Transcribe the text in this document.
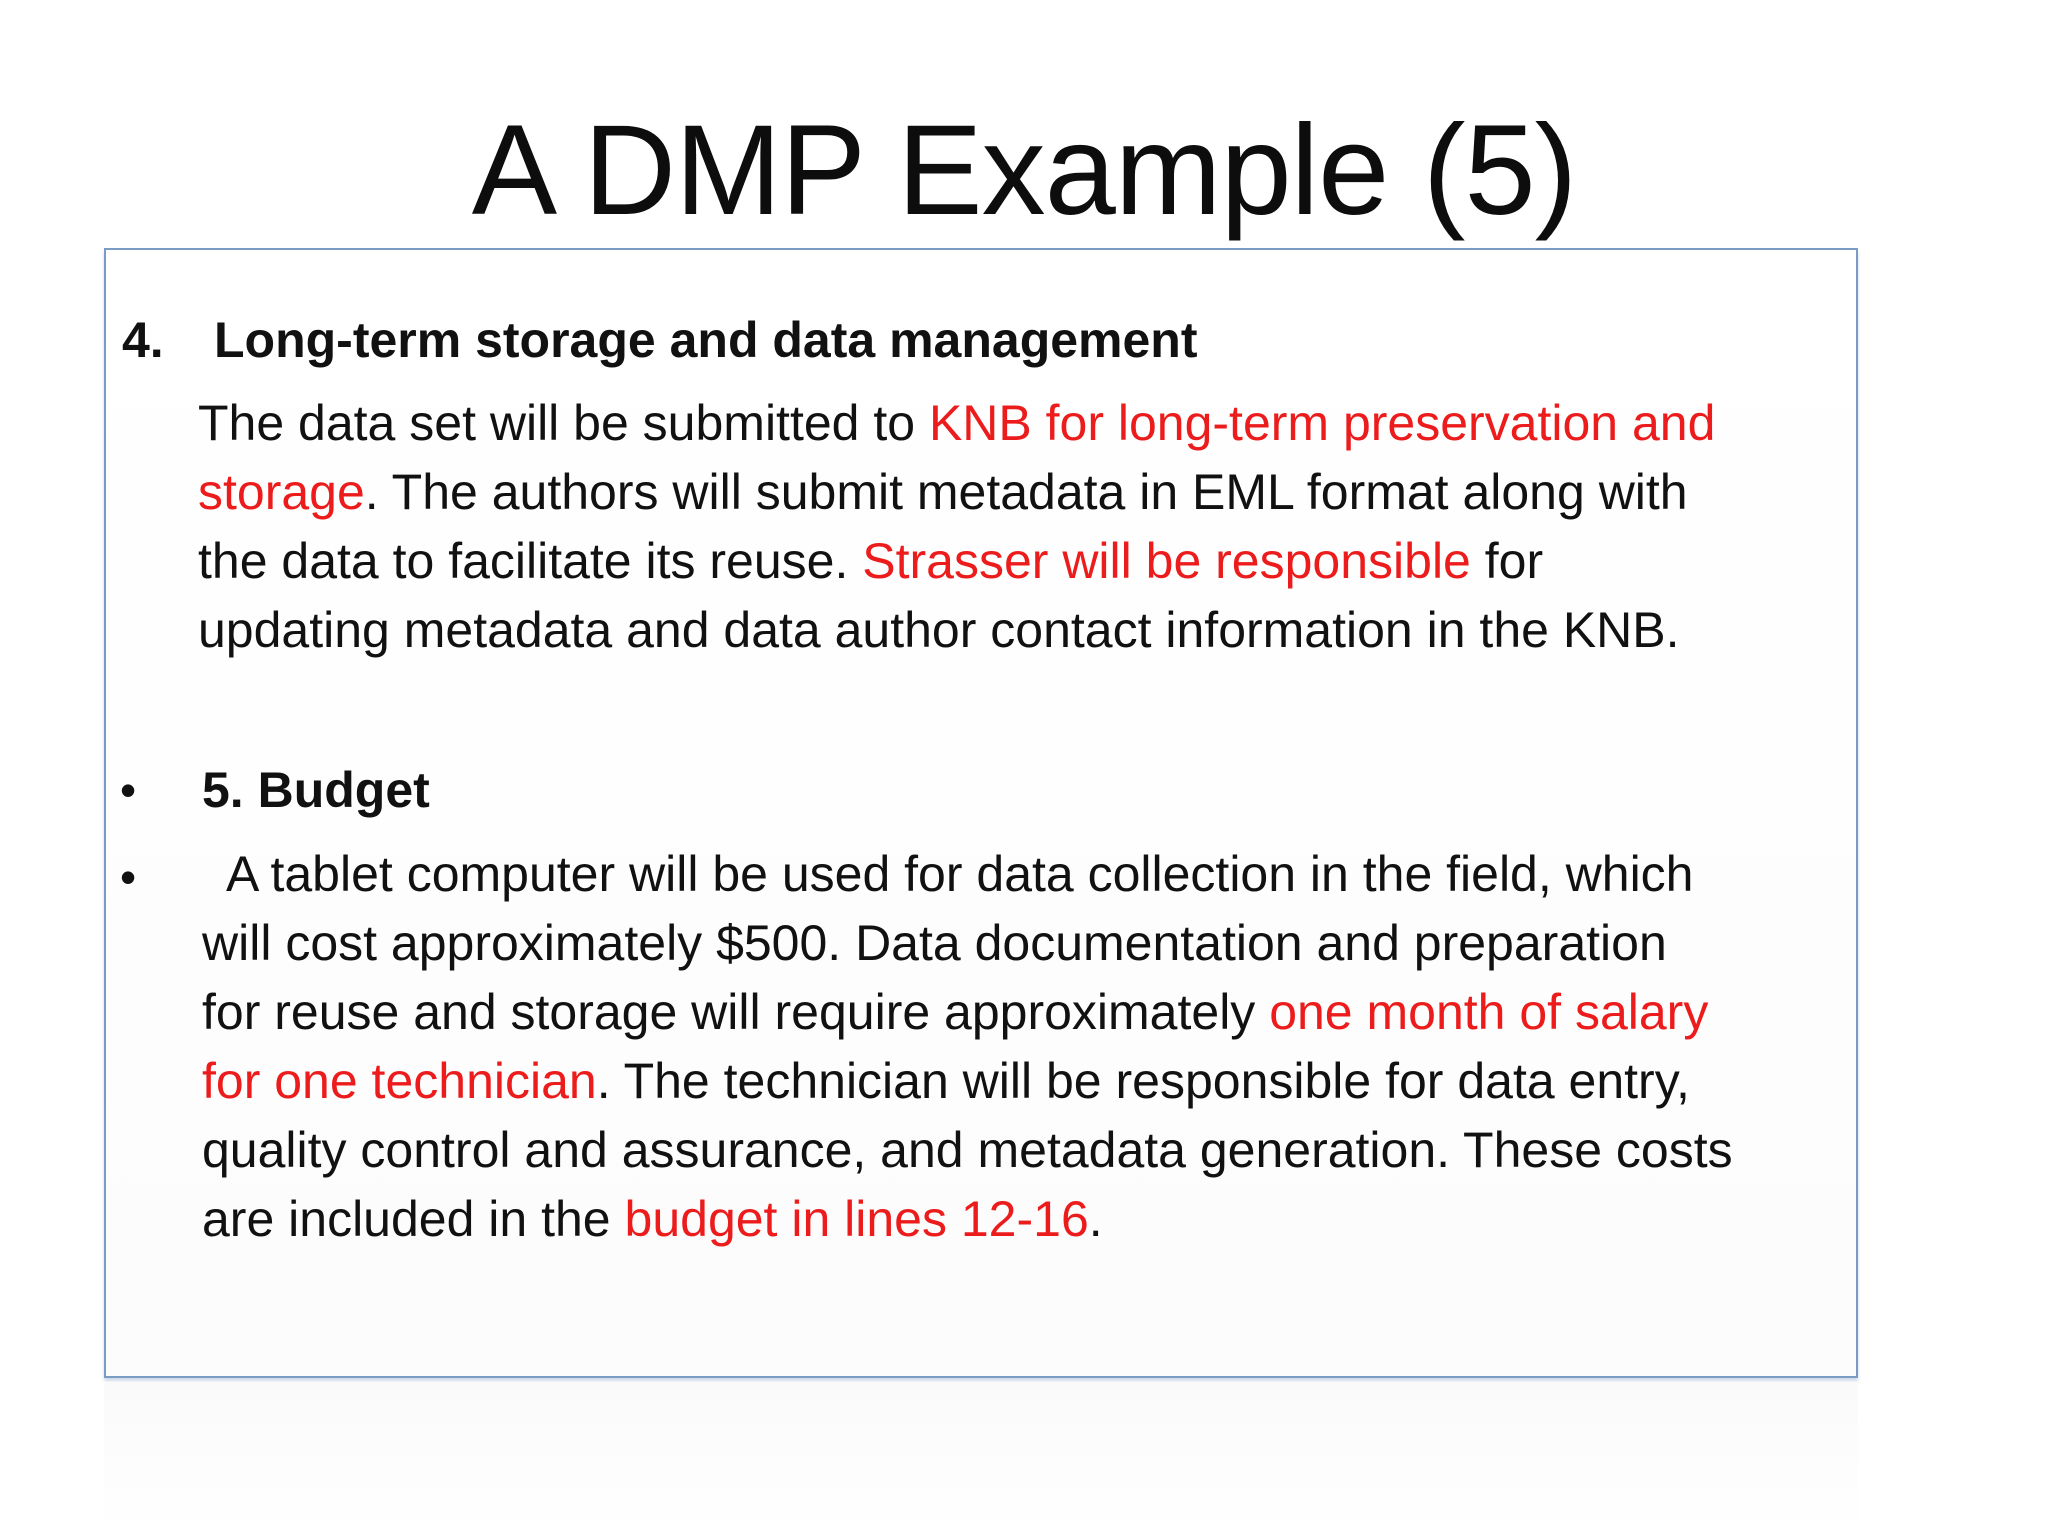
A DMP Example (5)
4. Long-term storage and data management
The data set will be submitted to KNB for long-term preservation and
storage. The authors will submit metadata in EML format along with
the data to facilitate its reuse. Strasser will be responsible for
updating metadata and data author contact information in the KNB.
• 5. Budget
•	A tablet computer will be used for data collection in the field, which
will cost approximately $500. Data documentation and preparation
for reuse and storage will require approximately one month of salary
for one technician. The technician will be responsible for data entry,
quality control and assurance, and metadata generation. These costs
are included in the budget in lines 12-16.
